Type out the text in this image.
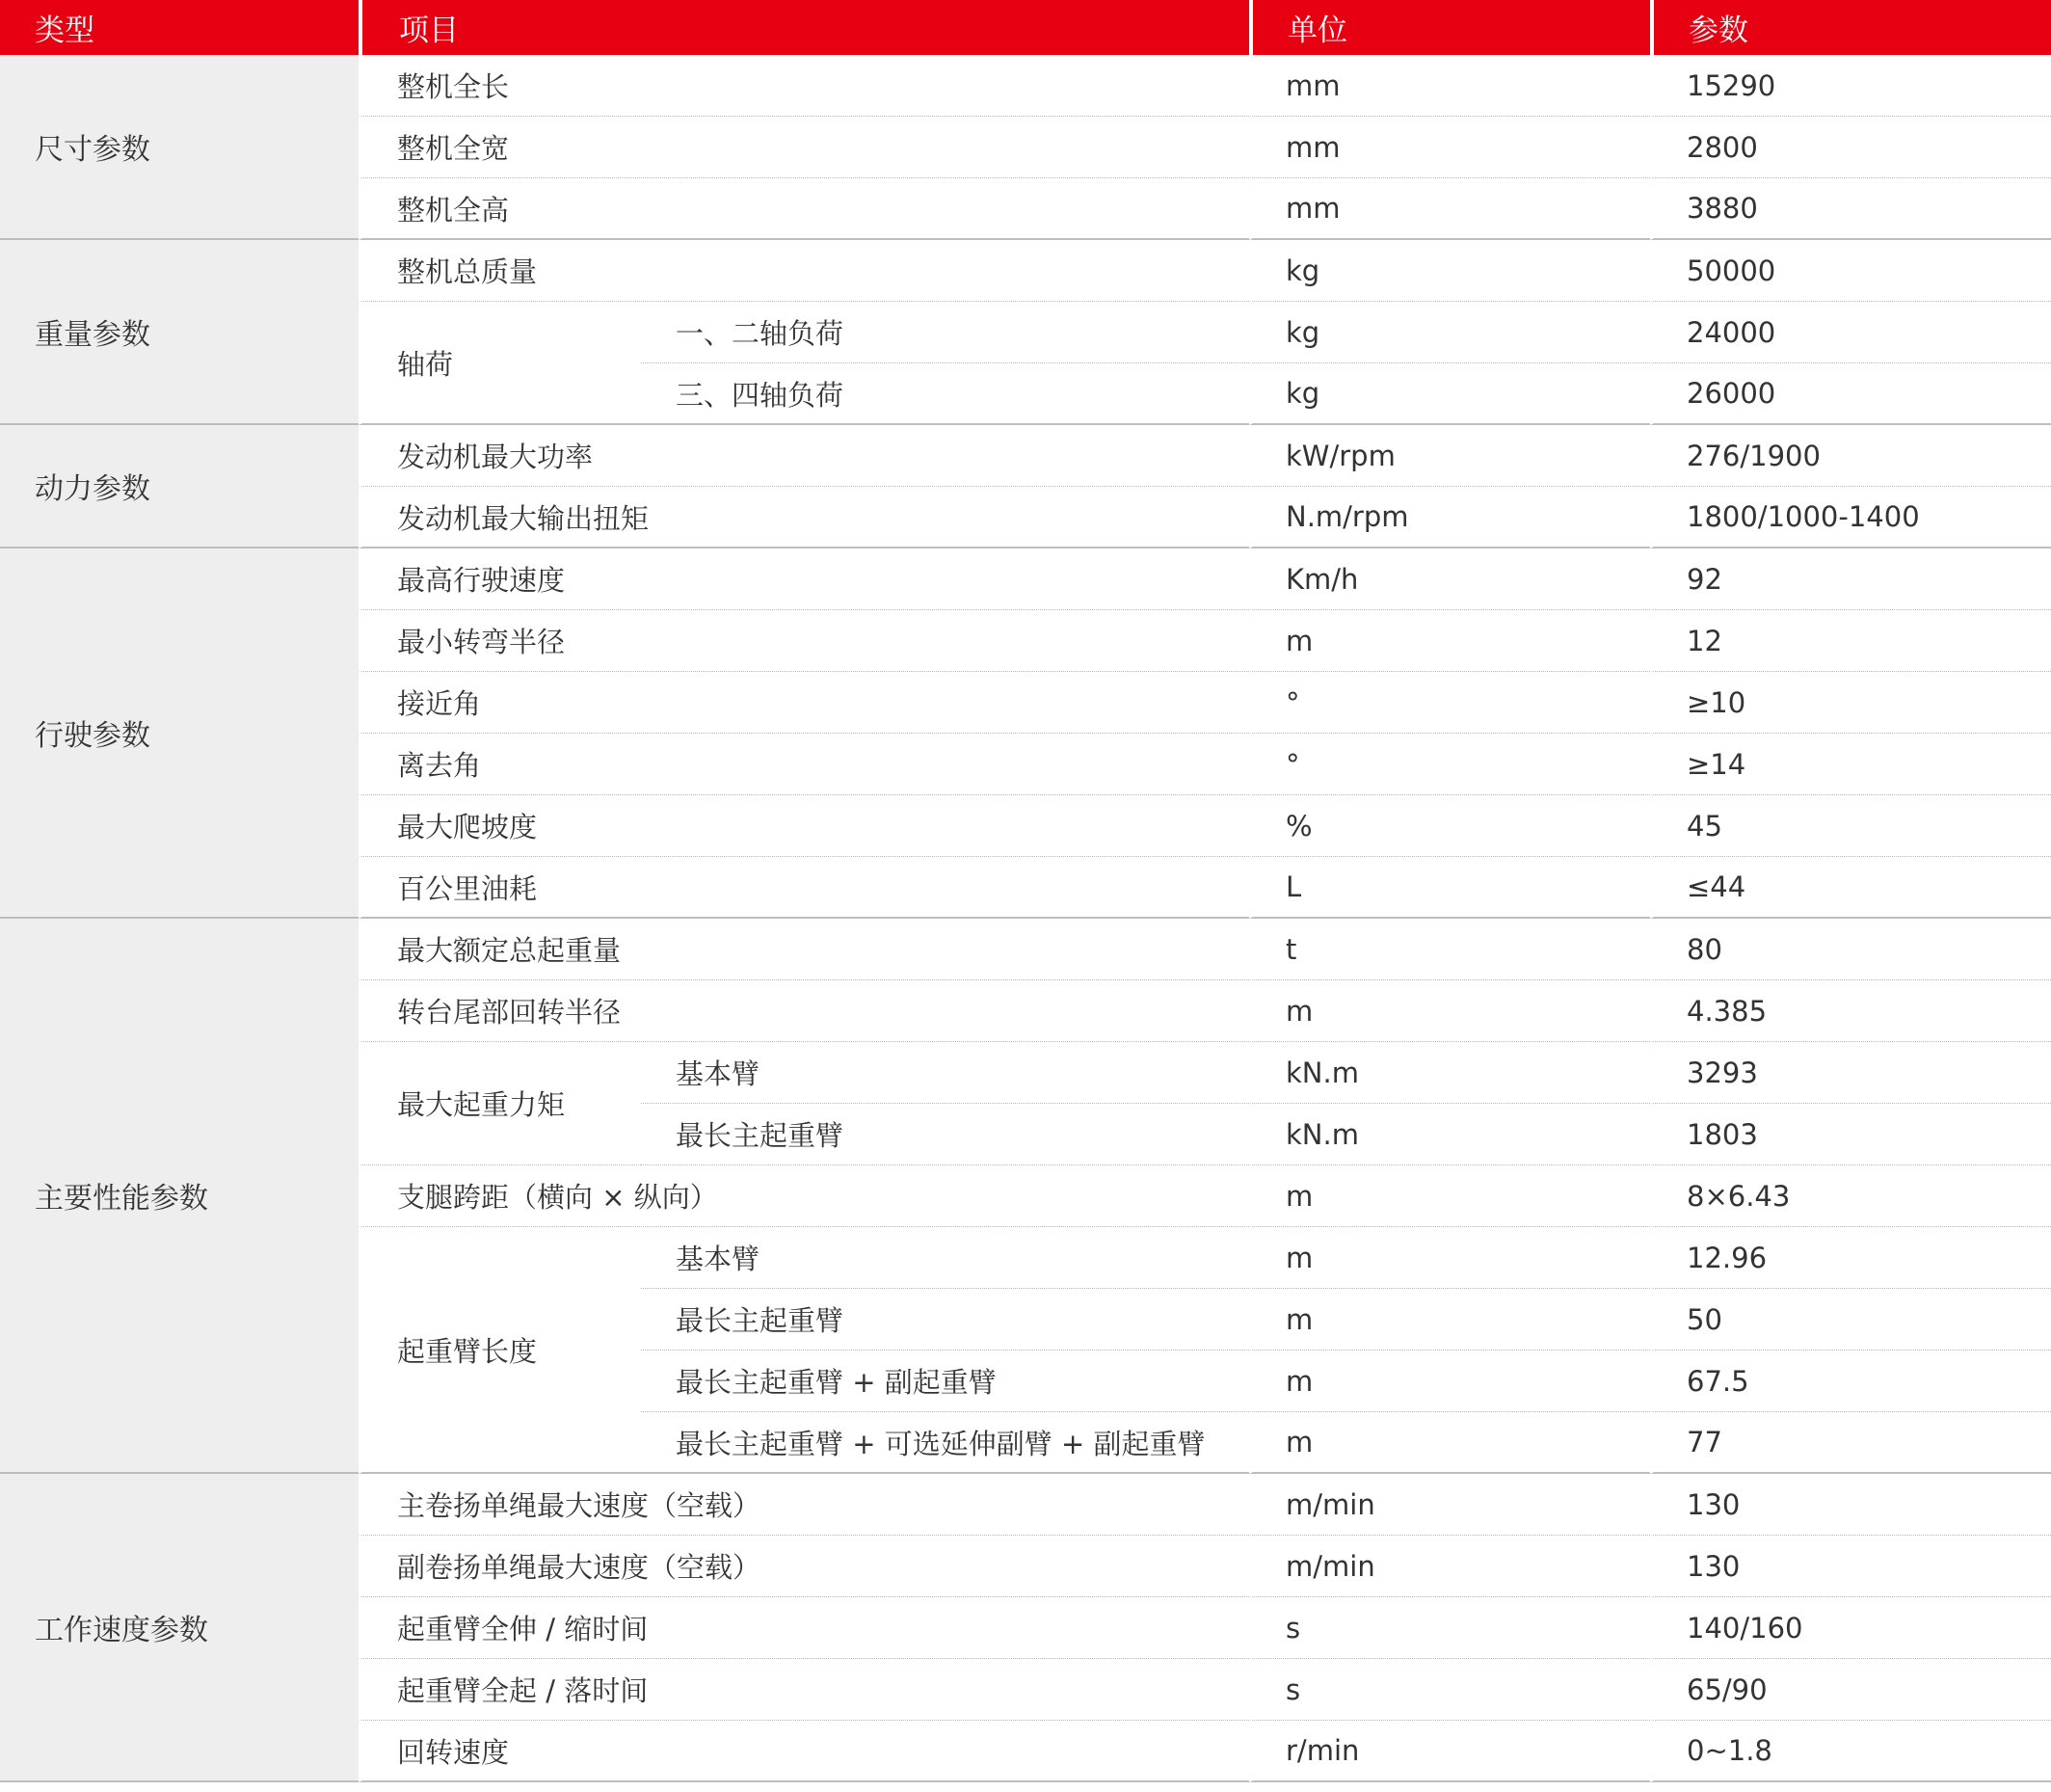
类型	项目		单位	参数
尺寸参数	整机全长		mm	15290
	整机全宽		mm	2800
	整机全高		mm	3880
重量参数	整机总质量		kg	50000
	轴荷	一、二轴负荷	kg	24000
		三、四轴负荷	kg	26000
动力参数	发动机最大功率		kW/rpm	276/1900
	发动机最大输出扭矩		N.m/rpm	1800/1000-1400
行驶参数	最高行驶速度		Km/h	92
	最小转弯半径		m	12
	接近角		°	≥10
	离去角		°	≥14
	最大爬坡度		%	45
	百公里油耗		L	≤44
主要性能参数	最大额定总起重量		t	80
	转台尾部回转半径		m	4.385
	最大起重力矩	基本臂	kN.m	3293
		最长主起重臂	kN.m	1803
	支腿跨距（横向 × 纵向）		m	8×6.43
	起重臂长度	基本臂	m	12.96
		最长主起重臂	m	50
		最长主起重臂 + 副起重臂	m	67.5
		最长主起重臂 + 可选延伸副臂 + 副起重臂	m	77
工作速度参数	主卷扬单绳最大速度（空载）		m/min	130
	副卷扬单绳最大速度（空载）		m/min	130
	起重臂全伸 / 缩时间		s	140/160
	起重臂全起 / 落时间		s	65/90
	回转速度		r/min	0~1.8
